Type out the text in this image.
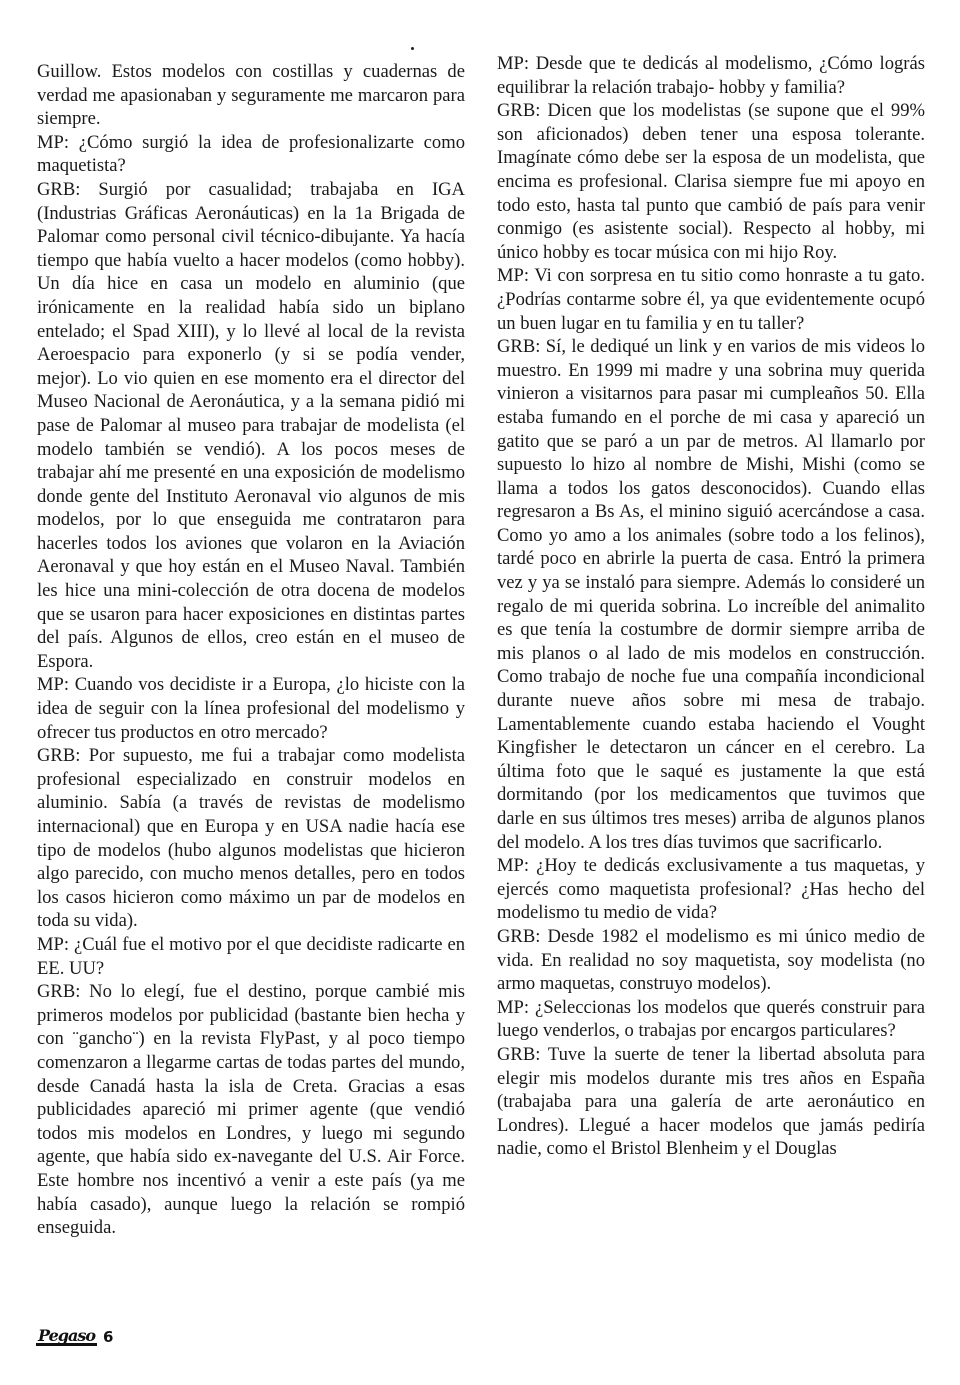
Guillow. Estos modelos con costillas y cuadernas de verdad me apasionaban y seguramente me marcaron para siempre.

MP: ¿Cómo surgió la idea de profesionalizarte como maquetista?

GRB: Surgió por casualidad; trabajaba en IGA (Industrias Gráficas Aeronáuticas) en la 1a Brigada de Palomar como personal civil técnico-dibujante. Ya hacía tiempo que había vuelto a hacer modelos (como hobby). Un día hice en casa un modelo en aluminio (que irónicamente en la realidad había sido un biplano entelado; el Spad XIII), y lo llevé al local de la revista Aeroespacio para exponerlo (y si se podía vender, mejor). Lo vio quien en ese momento era el director del Museo Nacional de Aeronáutica, y a la semana pidió mi pase de Palomar al museo para trabajar de modelista (el modelo también se vendió). A los pocos meses de trabajar ahí me presenté en una exposición de modelismo donde gente del Instituto Aeronaval vio algunos de mis modelos, por lo que enseguida me contrataron para hacerles todos los aviones que volaron en la Aviación Aeronaval y que hoy están en el Museo Naval. También les hice una mini-colección de otra docena de modelos que se usaron para hacer exposiciones en distintas partes del país. Algunos de ellos, creo están en el museo de Espora.

MP: Cuando vos decidiste ir a Europa, ¿lo hiciste con la idea de seguir con la línea profesional del modelismo y ofrecer tus productos en otro mercado?

GRB: Por supuesto, me fui a trabajar como modelista profesional especializado en construir modelos en aluminio. Sabía (a través de revistas de modelismo internacional) que en Europa y en USA nadie hacía ese tipo de modelos (hubo algunos modelistas que hicieron algo parecido, con mucho menos detalles, pero en todos los casos hicieron como máximo un par de modelos en toda su vida).

MP: ¿Cuál fue el motivo por el que decidiste radicarte en EE. UU?

GRB: No lo elegí, fue el destino, porque cambié mis primeros modelos por publicidad (bastante bien hecha y con ¨gancho¨) en la revista FlyPast, y al poco tiempo comenzaron a llegarme cartas de todas partes del mundo, desde Canadá hasta la isla de Creta. Gracias a esas publicidades apareció mi primer agente (que vendió todos mis modelos en Londres, y luego mi segundo agente, que había sido ex-navegante del U.S. Air Force. Este hombre nos incentivó a venir a este país (ya me había casado), aunque luego la relación se rompió enseguida.

MP: Desde que te dedicás al modelismo, ¿Cómo lográs equilibrar la relación trabajo- hobby y familia?

GRB: Dicen que los modelistas (se supone que el 99% son aficionados) deben tener una esposa tolerante. Imagínate cómo debe ser la esposa de un modelista, que encima es profesional. Clarisa siempre fue mi apoyo en todo esto, hasta tal punto que cambió de país para venir conmigo (es asistente social). Respecto al hobby, mi único hobby es tocar música con mi hijo Roy.

MP: Vi con sorpresa en tu sitio como honraste a tu gato. ¿Podrías contarme sobre él, ya que evidentemente ocupó un buen lugar en tu familia y en tu taller?

GRB: Sí, le dediqué un link y en varios de mis videos lo muestro. En 1999 mi madre y una sobrina muy querida vinieron a visitarnos para pasar mi cumpleaños 50. Ella estaba fumando en el porche de mi casa y apareció un gatito que se paró a un par de metros. Al llamarlo por supuesto lo hizo al nombre de Mishi, Mishi (como se llama a todos los gatos desconocidos). Cuando ellas regresaron a Bs As, el minino siguió acercándose a casa. Como yo amo a los animales (sobre todo a los felinos), tardé poco en abrirle la puerta de casa. Entró la primera vez y ya se instaló para siempre. Además lo consideré un regalo de mi querida sobrina. Lo increíble del animalito es que tenía la costumbre de dormir siempre arriba de mis planos o al lado de mis modelos en construcción. Como trabajo de noche fue una compañía incondicional durante nueve años sobre mi mesa de trabajo. Lamentablemente cuando estaba haciendo el Vought Kingfisher le detectaron un cáncer en el cerebro. La última foto que le saqué es justamente la que está dormitando (por los medicamentos que tuvimos que darle en sus últimos tres meses) arriba de algunos planos del modelo. A los tres días tuvimos que sacrificarlo.

MP: ¿Hoy te dedicás exclusivamente a tus maquetas, y ejercés como maquetista profesional? ¿Has hecho del modelismo tu medio de vida?

GRB: Desde 1982 el modelismo es mi único medio de vida. En realidad no soy maquetista, soy modelista (no armo maquetas, construyo modelos).

MP: ¿Seleccionas los modelos que querés construir para luego venderlos, o trabajas por encargos particulares?

GRB: Tuve la suerte de tener la libertad absoluta para elegir mis modelos durante mis tres años en España (trabajaba para una galería de arte aeronáutico en Londres). Llegué a hacer modelos que jamás pediría nadie, como el Bristol Blenheim y el Douglas

Pegaso 6
